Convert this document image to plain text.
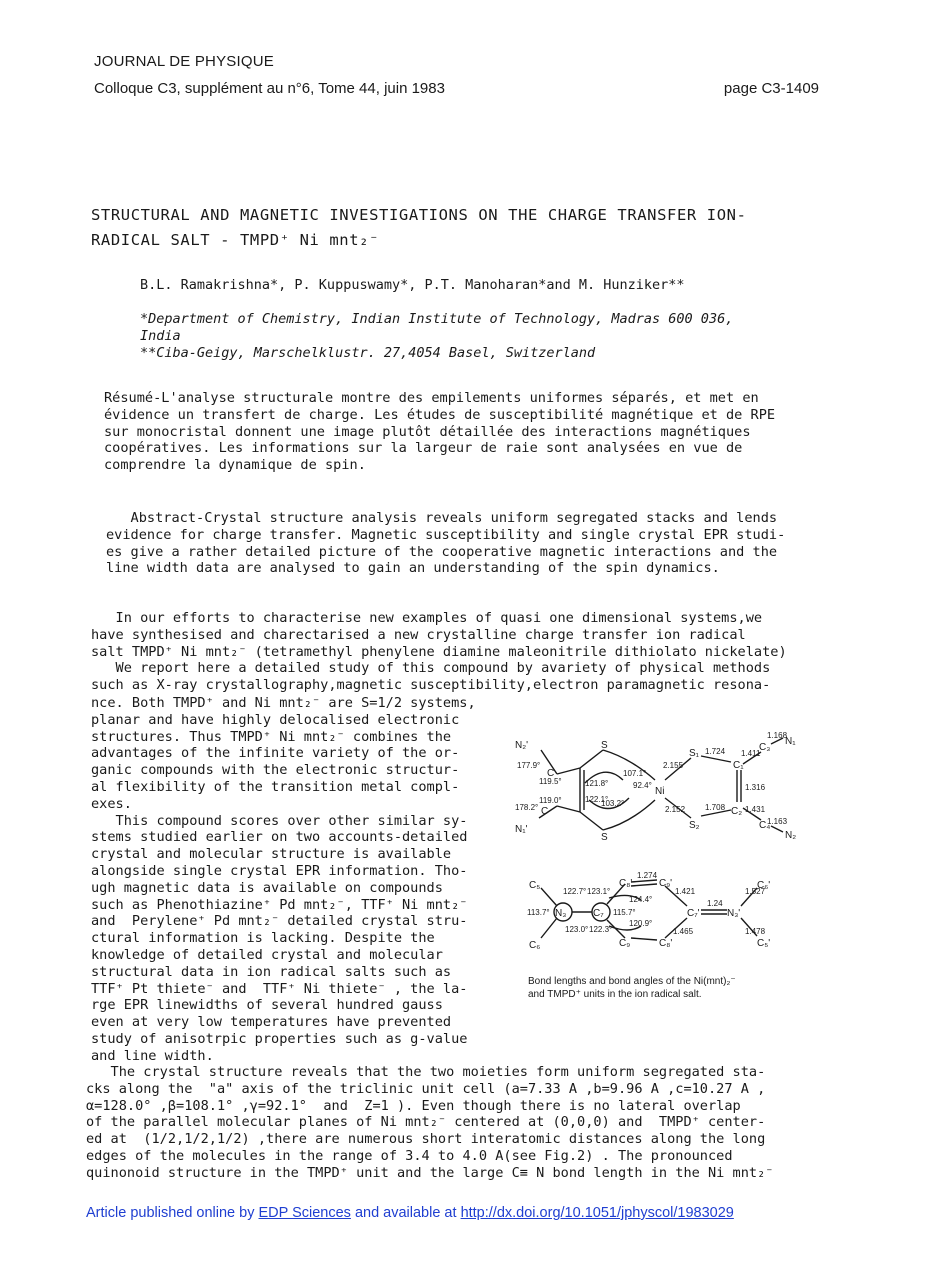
JOURNAL DE PHYSIQUE
Colloque C3, supplément au n°6, Tome 44, juin 1983	page C3-1409
STRUCTURAL AND MAGNETIC INVESTIGATIONS ON THE CHARGE TRANSFER ION-
RADICAL SALT - TMPD⁺ Ni mnt₂⁻
B.L. Ramakrishna*, P. Kuppuswamy*, P.T. Manoharan*and M. Hunziker**
*Department of Chemistry, Indian Institute of Technology, Madras 600 036,
India
**Ciba-Geigy, Marschelklustr. 27,4054 Basel, Switzerland
Résumé-L'analyse structurale montre des empilements uniformes séparés, et met en
évidence un transfert de charge. Les études de susceptibilité magnétique et de RPE
sur monocristal donnent une image plutôt détaillée des interactions magnétiques
coopératives. Les informations sur la largeur de raie sont analysées en vue de
comprendre la dynamique de spin.
Abstract-Crystal structure analysis reveals uniform segregated stacks and lends
evidence for charge transfer. Magnetic susceptibility and single crystal EPR studi-
es give a rather detailed picture of the cooperative magnetic interactions and the
line width data are analysed to gain an understanding of the spin dynamics.
In our efforts to characterise new examples of quasi one dimensional systems,we
have synthesised and charectarised a new crystalline charge transfer ion radical
salt TMPD⁺ Ni mnt₂⁻ (tetramethyl phenylene diamine maleonitrile dithiolato nickelate)
We report here a detailed study of this compound by avariety of physical methods
such as X-ray crystallography,magnetic susceptibility,electron paramagnetic resona-
nce. Both TMPD⁺ and Ni mnt₂⁻ are S=1/2 systems,
planar and have highly delocalised electronic
structures. Thus TMPD⁺ Ni mnt₂⁻ combines the
advantages of the infinite variety of the or-
ganic compounds with the electronic structur-
al flexibility of the transition metal compl-
exes.
This compound scores over other similar sy-
stems studied earlier on two accounts-detailed
crystal and molecular structure is available
alongside single crystal EPR information. Tho-
ugh magnetic data is available on compounds
such as Phenothiazine⁺ Pd mnt₂⁻, TTF⁺ Ni mnt₂⁻
and  Perylene⁺ Pd mnt₂⁻ detailed crystal stru-
ctural information is lacking. Despite the
knowledge of detailed crystal and molecular
structural data in ion radical salts such as
TTF⁺ Pt thiete⁻ and  TTF⁺ Ni thiete⁻ , the la-
rge EPR linewidths of several hundred gauss
even at very low temperatures have prevented
study of anisotrpic properties such as g-value
and line width.
N₂'
C
S
Ni
S₁
C₁
C₃
N₁
S
S₂
C₂
C₄
N₂
C
N₁'
177.9°
119.5°
119.0°
178.2°
121.8°
122.1°
107.1°
92.4°
103.2°
2.155
1.724 1.411
1.168
1.316
2.152 1.708 1.431
1.163
C₅
N₃
C₆
C₇
C₈'	C₉'
C₉	C₈'
C₇'	N₃'
C₆'
C₅'
113.7°
122.7° 123.1°
123.0° 122.3°
115.7°
124.4°
120.9°
1.274
1.421
1.24
1.465
1.527
1.478
Bond lengths and bond angles of the Ni(mnt)₂⁻
and TMPD⁺ units in the ion radical salt.
The crystal structure reveals that the two moieties form uniform segregated sta-
cks along the  "a" axis of the triclinic unit cell (a=7.33 A ,b=9.96 A ,c=10.27 A ,
α=128.0° ,β=108.1° ,γ=92.1°  and  Z=1 ). Even though there is no lateral overlap
of the parallel molecular planes of Ni mnt₂⁻ centered at (0,0,0) and  TMPD⁺ center-
ed at  (1/2,1/2,1/2) ,there are numerous short interatomic distances along the long
edges of the molecules in the range of 3.4 to 4.0 A(see Fig.2) . The pronounced
quinonoid structure in the TMPD⁺ unit and the large C≡ N bond length in the Ni mnt₂⁻
Article published online by EDP Sciences and available at http://dx.doi.org/10.1051/jphyscol/1983029
